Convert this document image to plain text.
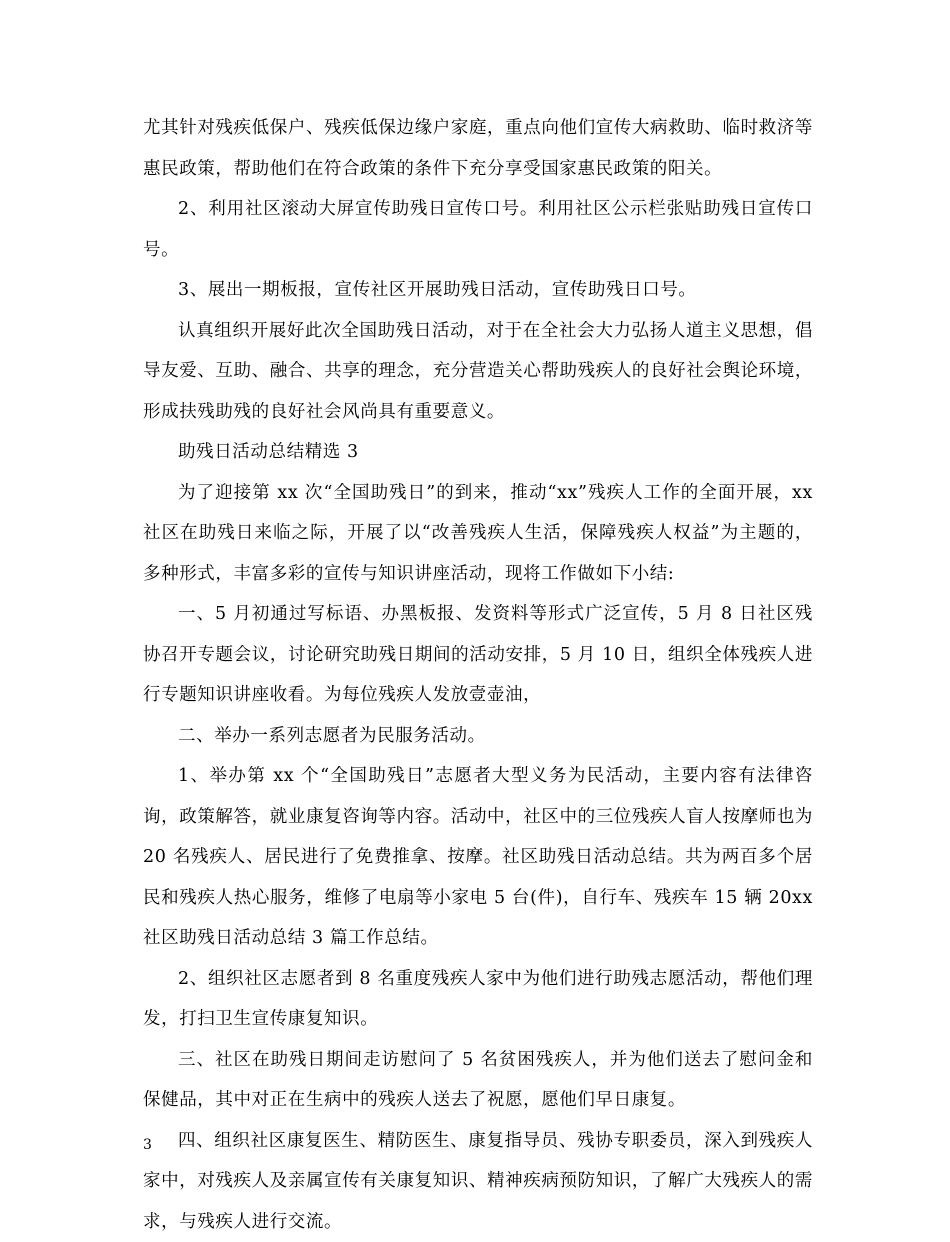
尤其针对残疾低保户、残疾低保边缘户家庭，重点向他们宣传大病救助、临时救济等惠民政策，帮助他们在符合政策的条件下充分享受国家惠民政策的阳关。

2、利用社区滚动大屏宣传助残日宣传口号。利用社区公示栏张贴助残日宣传口号。

3、展出一期板报，宣传社区开展助残日活动，宣传助残日口号。

认真组织开展好此次全国助残日活动，对于在全社会大力弘扬人道主义思想，倡导友爱、互助、融合、共享的理念，充分营造关心帮助残疾人的良好社会舆论环境，形成扶残助残的良好社会风尚具有重要意义。

助残日活动总结精选 3

为了迎接第 xx 次“全国助残日”的到来，推动“xx”残疾人工作的全面开展，xx 社区在助残日来临之际，开展了以“改善残疾人生活，保障残疾人权益”为主题的，多种形式，丰富多彩的宣传与知识讲座活动，现将工作做如下小结:

一、5 月初通过写标语、办黑板报、发资料等形式广泛宣传，5 月 8 日社区残协召开专题会议，讨论研究助残日期间的活动安排，5 月 10 日，组织全体残疾人进行专题知识讲座收看。为每位残疾人发放壹壶油，

二、举办一系列志愿者为民服务活动。

1、举办第 xx 个“全国助残日”志愿者大型义务为民活动，主要内容有法律咨询，政策解答，就业康复咨询等内容。活动中，社区中的三位残疾人盲人按摩师也为 20 名残疾人、居民进行了免费推拿、按摩。社区助残日活动总结。共为两百多个居民和残疾人热心服务，维修了电扇等小家电 5 台(件)，自行车、残疾车 15 辆 20xx 社区助残日活动总结 3 篇工作总结。

2、组织社区志愿者到 8 名重度残疾人家中为他们进行助残志愿活动，帮他们理发，打扫卫生宣传康复知识。

三、社区在助残日期间走访慰问了 5 名贫困残疾人，并为他们送去了慰问金和保健品，其中对正在生病中的残疾人送去了祝愿，愿他们早日康复。

四、组织社区康复医生、精防医生、康复指导员、残协专职委员，深入到残疾人家中，对残疾人及亲属宣传有关康复知识、精神疾病预防知识，了解广大残疾人的需求，与残疾人进行交流。

3
